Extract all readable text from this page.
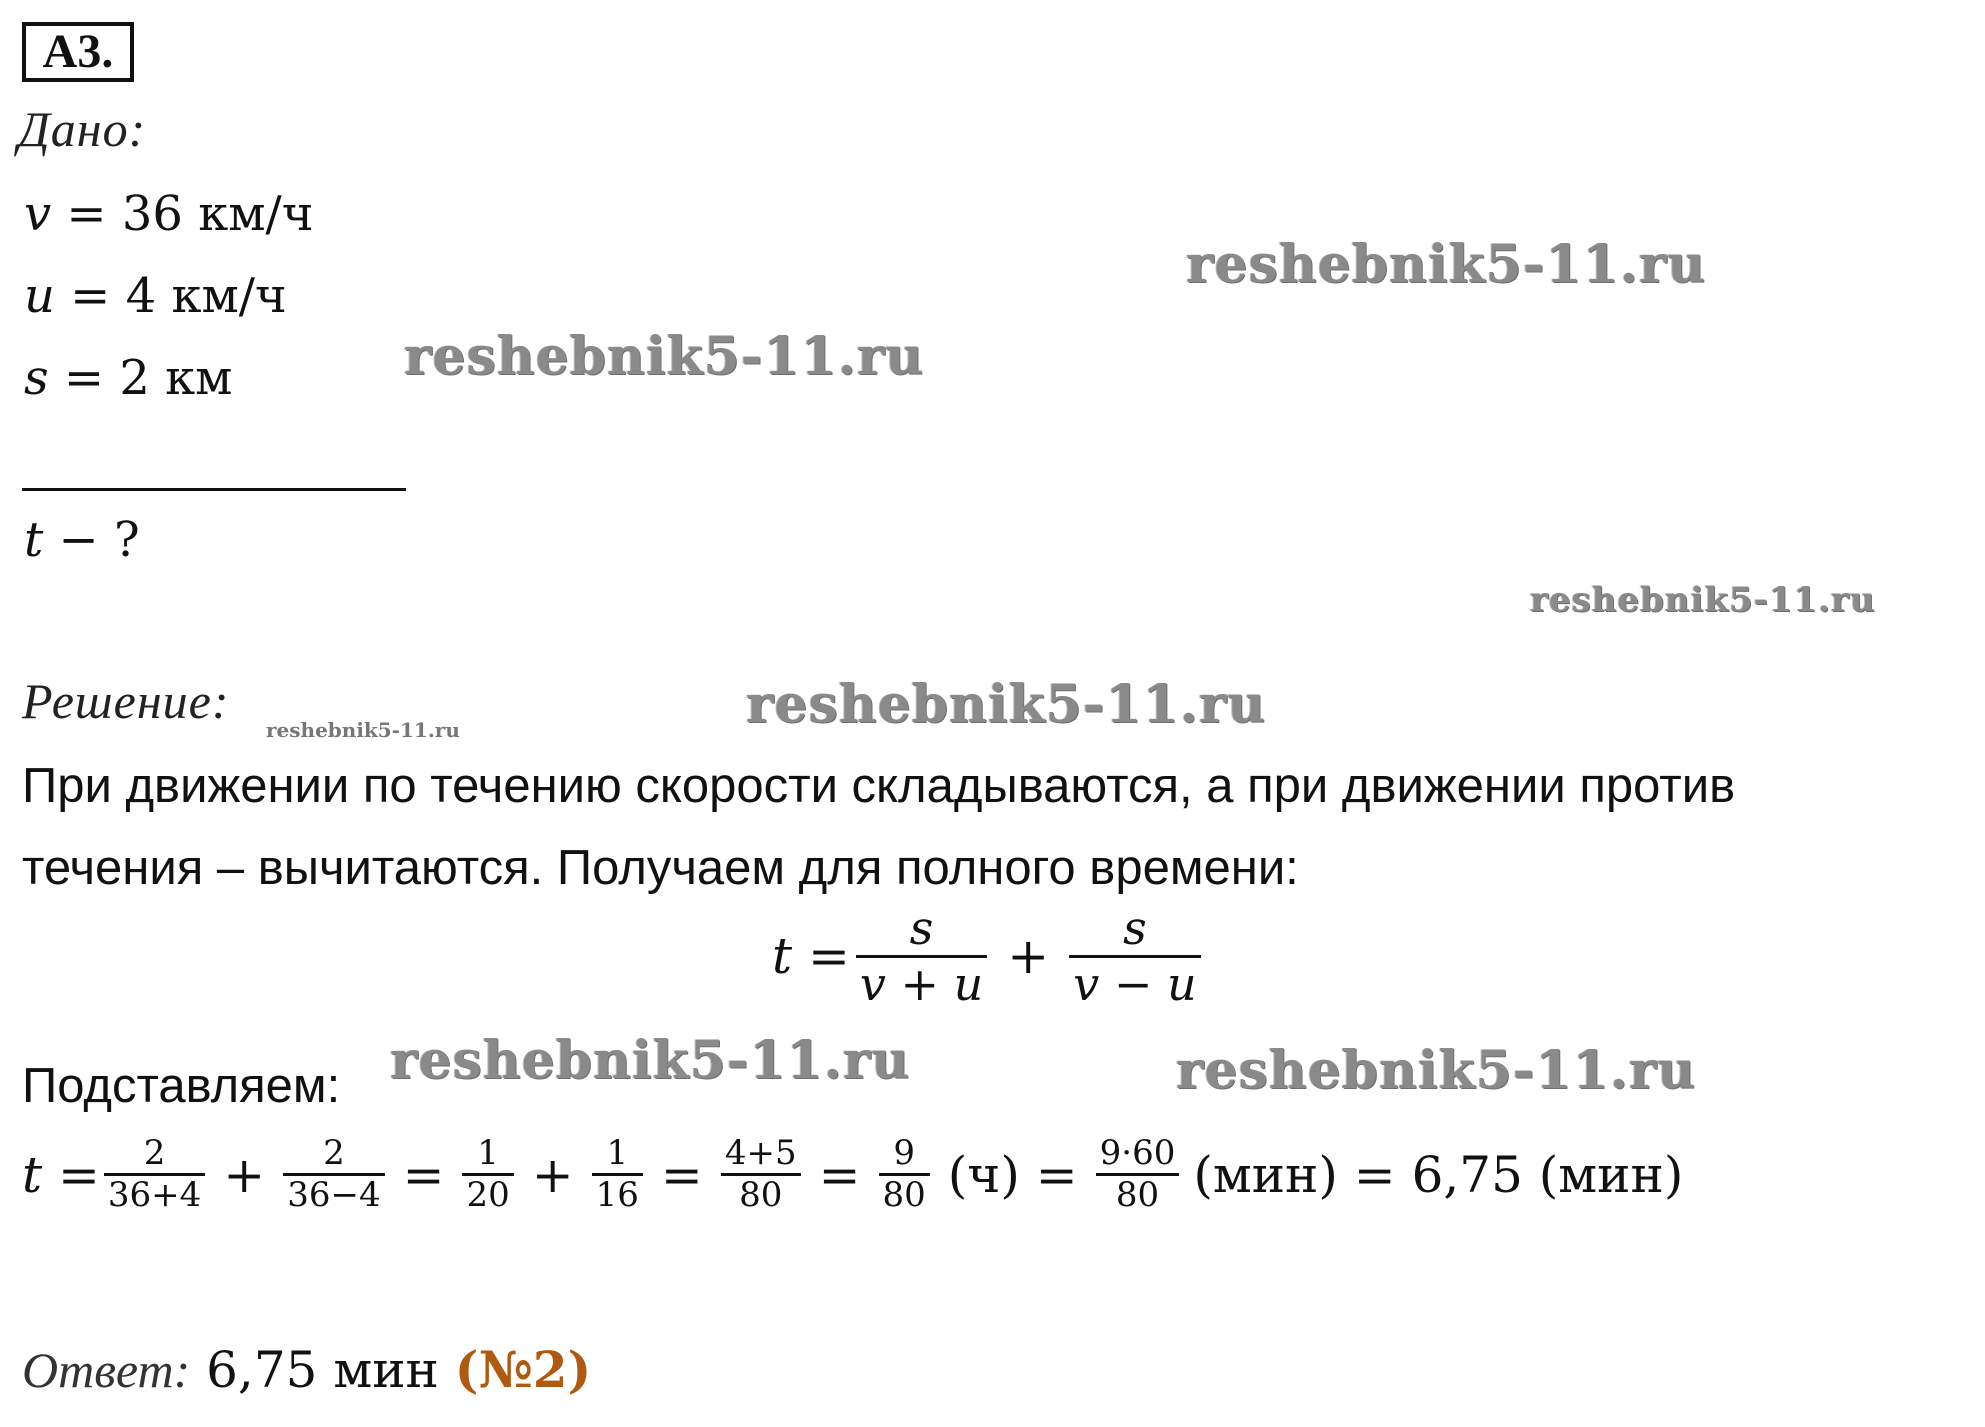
А3.
Дано:
v = 36 км/ч
u = 4 км/ч
s = 2 км
t − ?
Решение:
При движении по течению скорости складываются, а при движении против
течения – вычитаются. Получаем для полного времени:
$t = \frac{s}{v + u} + \frac{s}{v - u}$
Подставляем:
$t = \frac{2}{36+4} + \frac{2}{36-4} = \frac{1}{20} + \frac{1}{16} = \frac{4+5}{80} = \frac{9}{80} (ч) = \frac{9\cdot 60}{80} (мин) = 6,75$ (мин)
Ответ: 6,75 мин (№2)
reshebnik5-11.ru
reshebnik5-11.ru
reshebnik5-11.ru
reshebnik5-11.ru
reshebnik5-11.ru
reshebnik5-11.ru	reshebnik5-11.ru
